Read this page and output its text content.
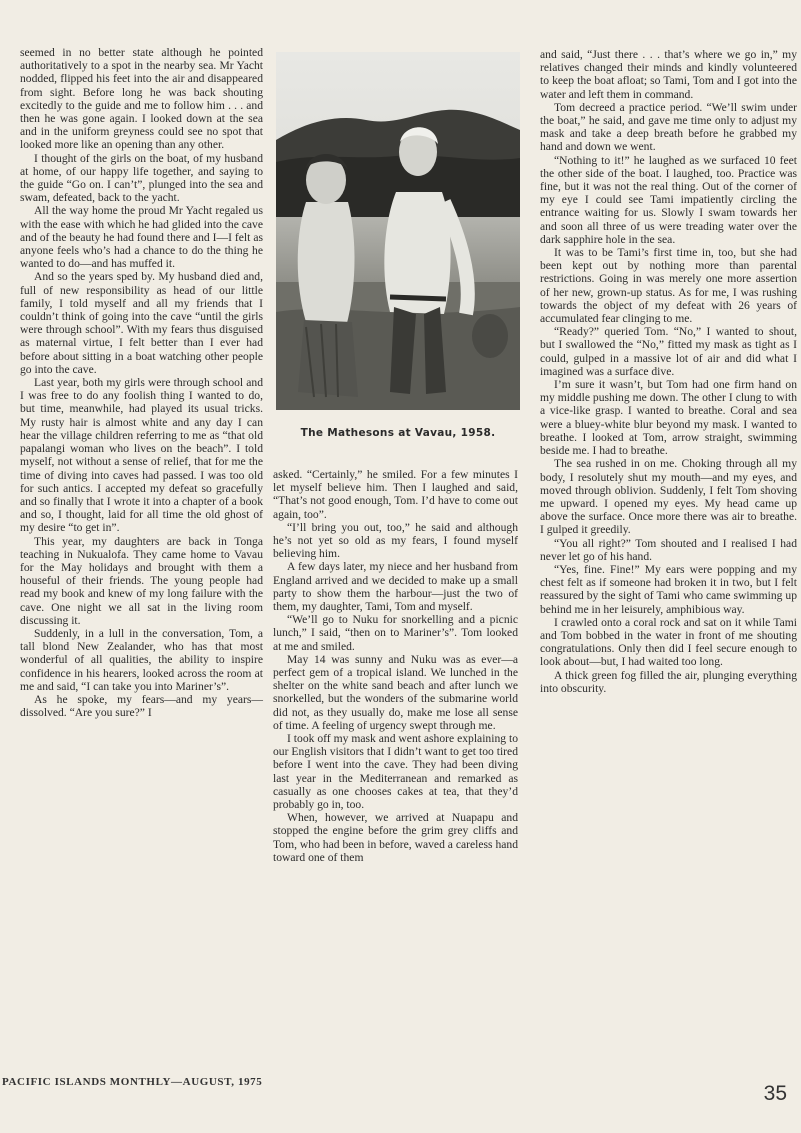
seemed in no better state although he pointed authoritatively to a spot in the nearby sea. Mr Yacht nodded, flipped his feet into the air and disappeared from sight. Before long he was back shouting excitedly to the guide and me to follow him . . . and then he was gone again. I looked down at the sea and in the uniform greyness could see no spot that looked more like an opening than any other.

I thought of the girls on the boat, of my husband at home, of our happy life together, and saying to the guide “Go on. I can’t”, plunged into the sea and swam, defeated, back to the yacht.

All the way home the proud Mr Yacht regaled us with the ease with which he had glided into the cave and of the beauty he had found there and I—I felt as anyone feels who’s had a chance to do the thing he wanted to do—and has muffed it.

And so the years sped by. My husband died and, full of new responsibility as head of our little family, I told myself and all my friends that I couldn’t think of going into the cave “until the girls were through school”. With my fears thus disguised as maternal virtue, I felt better than I ever had before about sitting in a boat watching other people go into the cave.

Last year, both my girls were through school and I was free to do any foolish thing I wanted to do, but time, meanwhile, had played its usual tricks. My rusty hair is almost white and any day I can hear the village children referring to me as “that old papalangi woman who lives on the beach”. I told myself, not without a sense of relief, that for me the time of diving into caves had passed. I was too old for such antics. I accepted my defeat so gracefully and so finally that I wrote it into a chapter of a book and so, I thought, laid for all time the old ghost of my desire “to get in”.

This year, my daughters are back in Tonga teaching in Nukualofa. They came home to Vavau for the May holidays and brought with them a houseful of their friends. The young people had read my book and knew of my long failure with the cave. One night we all sat in the living room discussing it.

Suddenly, in a lull in the conversation, Tom, a tall blond New Zealander, who has that most wonderful of all qualities, the ability to inspire confidence in his hearers, looked across the room at me and said, “I can take you into Mariner’s”.

As he spoke, my fears—and my years—dissolved. “Are you sure?” I

The Mathesons at Vavau, 1958.

asked. “Certainly,” he smiled. For a few minutes I let myself believe him. Then I laughed and said, “That’s not good enough, Tom. I’d have to come out again, too”.

“I’ll bring you out, too,” he said and although he’s not yet so old as my fears, I found myself believing him.

A few days later, my niece and her husband from England arrived and we decided to make up a small party to show them the harbour—just the two of them, my daughter, Tami, Tom and myself.

“We’ll go to Nuku for snorkelling and a picnic lunch,” I said, “then on to Mariner’s”. Tom looked at me and smiled.

May 14 was sunny and Nuku was as ever—a perfect gem of a tropical island. We lunched in the shelter on the white sand beach and after lunch we snorkelled, but the wonders of the submarine world did not, as they usually do, make me lose all sense of time. A feeling of urgency swept through me.

I took off my mask and went ashore explaining to our English visitors that I didn’t want to get too tired before I went into the cave. They had been diving last year in the Mediterranean and remarked as casually as one chooses cakes at tea, that they’d probably go in, too.

When, however, we arrived at Nuapapu and stopped the engine before the grim grey cliffs and Tom, who had been in before, waved a careless hand toward one of them

and said, “Just there . . . that’s where we go in,” my relatives changed their minds and kindly volunteered to keep the boat afloat; so Tami, Tom and I got into the water and left them in command.

Tom decreed a practice period. “We’ll swim under the boat,” he said, and gave me time only to adjust my mask and take a deep breath before he grabbed my hand and down we went.

“Nothing to it!” he laughed as we surfaced 10 feet the other side of the boat. I laughed, too. Practice was fine, but it was not the real thing. Out of the corner of my eye I could see Tami impatiently circling the entrance waiting for us. Slowly I swam towards her and soon all three of us were treading water over the dark sapphire hole in the sea.

It was to be Tami’s first time in, too, but she had been kept out by nothing more than parental restrictions. Going in was merely one more assertion of her new, grown-up status. As for me, I was rushing towards the object of my defeat with 26 years of accumulated fear clinging to me.

“Ready?” queried Tom. “No,” I wanted to shout, but I swallowed the “No,” fitted my mask as tight as I could, gulped in a massive lot of air and did what I imagined was a surface dive.

I’m sure it wasn’t, but Tom had one firm hand on my middle pushing me down. The other I clung to with a vice-like grasp. I wanted to breathe. Coral and sea were a bluey-white blur beyond my mask. I wanted to breathe. I looked at Tom, arrow straight, swimming beside me. I had to breathe.

The sea rushed in on me. Choking through all my body, I resolutely shut my mouth—and my eyes, and moved through oblivion. Suddenly, I felt Tom shoving me upward. I opened my eyes. My head came up above the surface. Once more there was air to breathe. I gulped it greedily.

“You all right?” Tom shouted and I realised I had never let go of his hand.

“Yes, fine. Fine!” My ears were popping and my chest felt as if someone had broken it in two, but I felt reassured by the sight of Tami who came swimming up behind me in her leisurely, amphibious way.

I crawled onto a coral rock and sat on it while Tami and Tom bobbed in the water in front of me shouting congratulations. Only then did I feel secure enough to look about—but, I had waited too long.

A thick green fog filled the air, plunging everything into obscurity.

PACIFIC ISLANDS MONTHLY—AUGUST, 1975	35
